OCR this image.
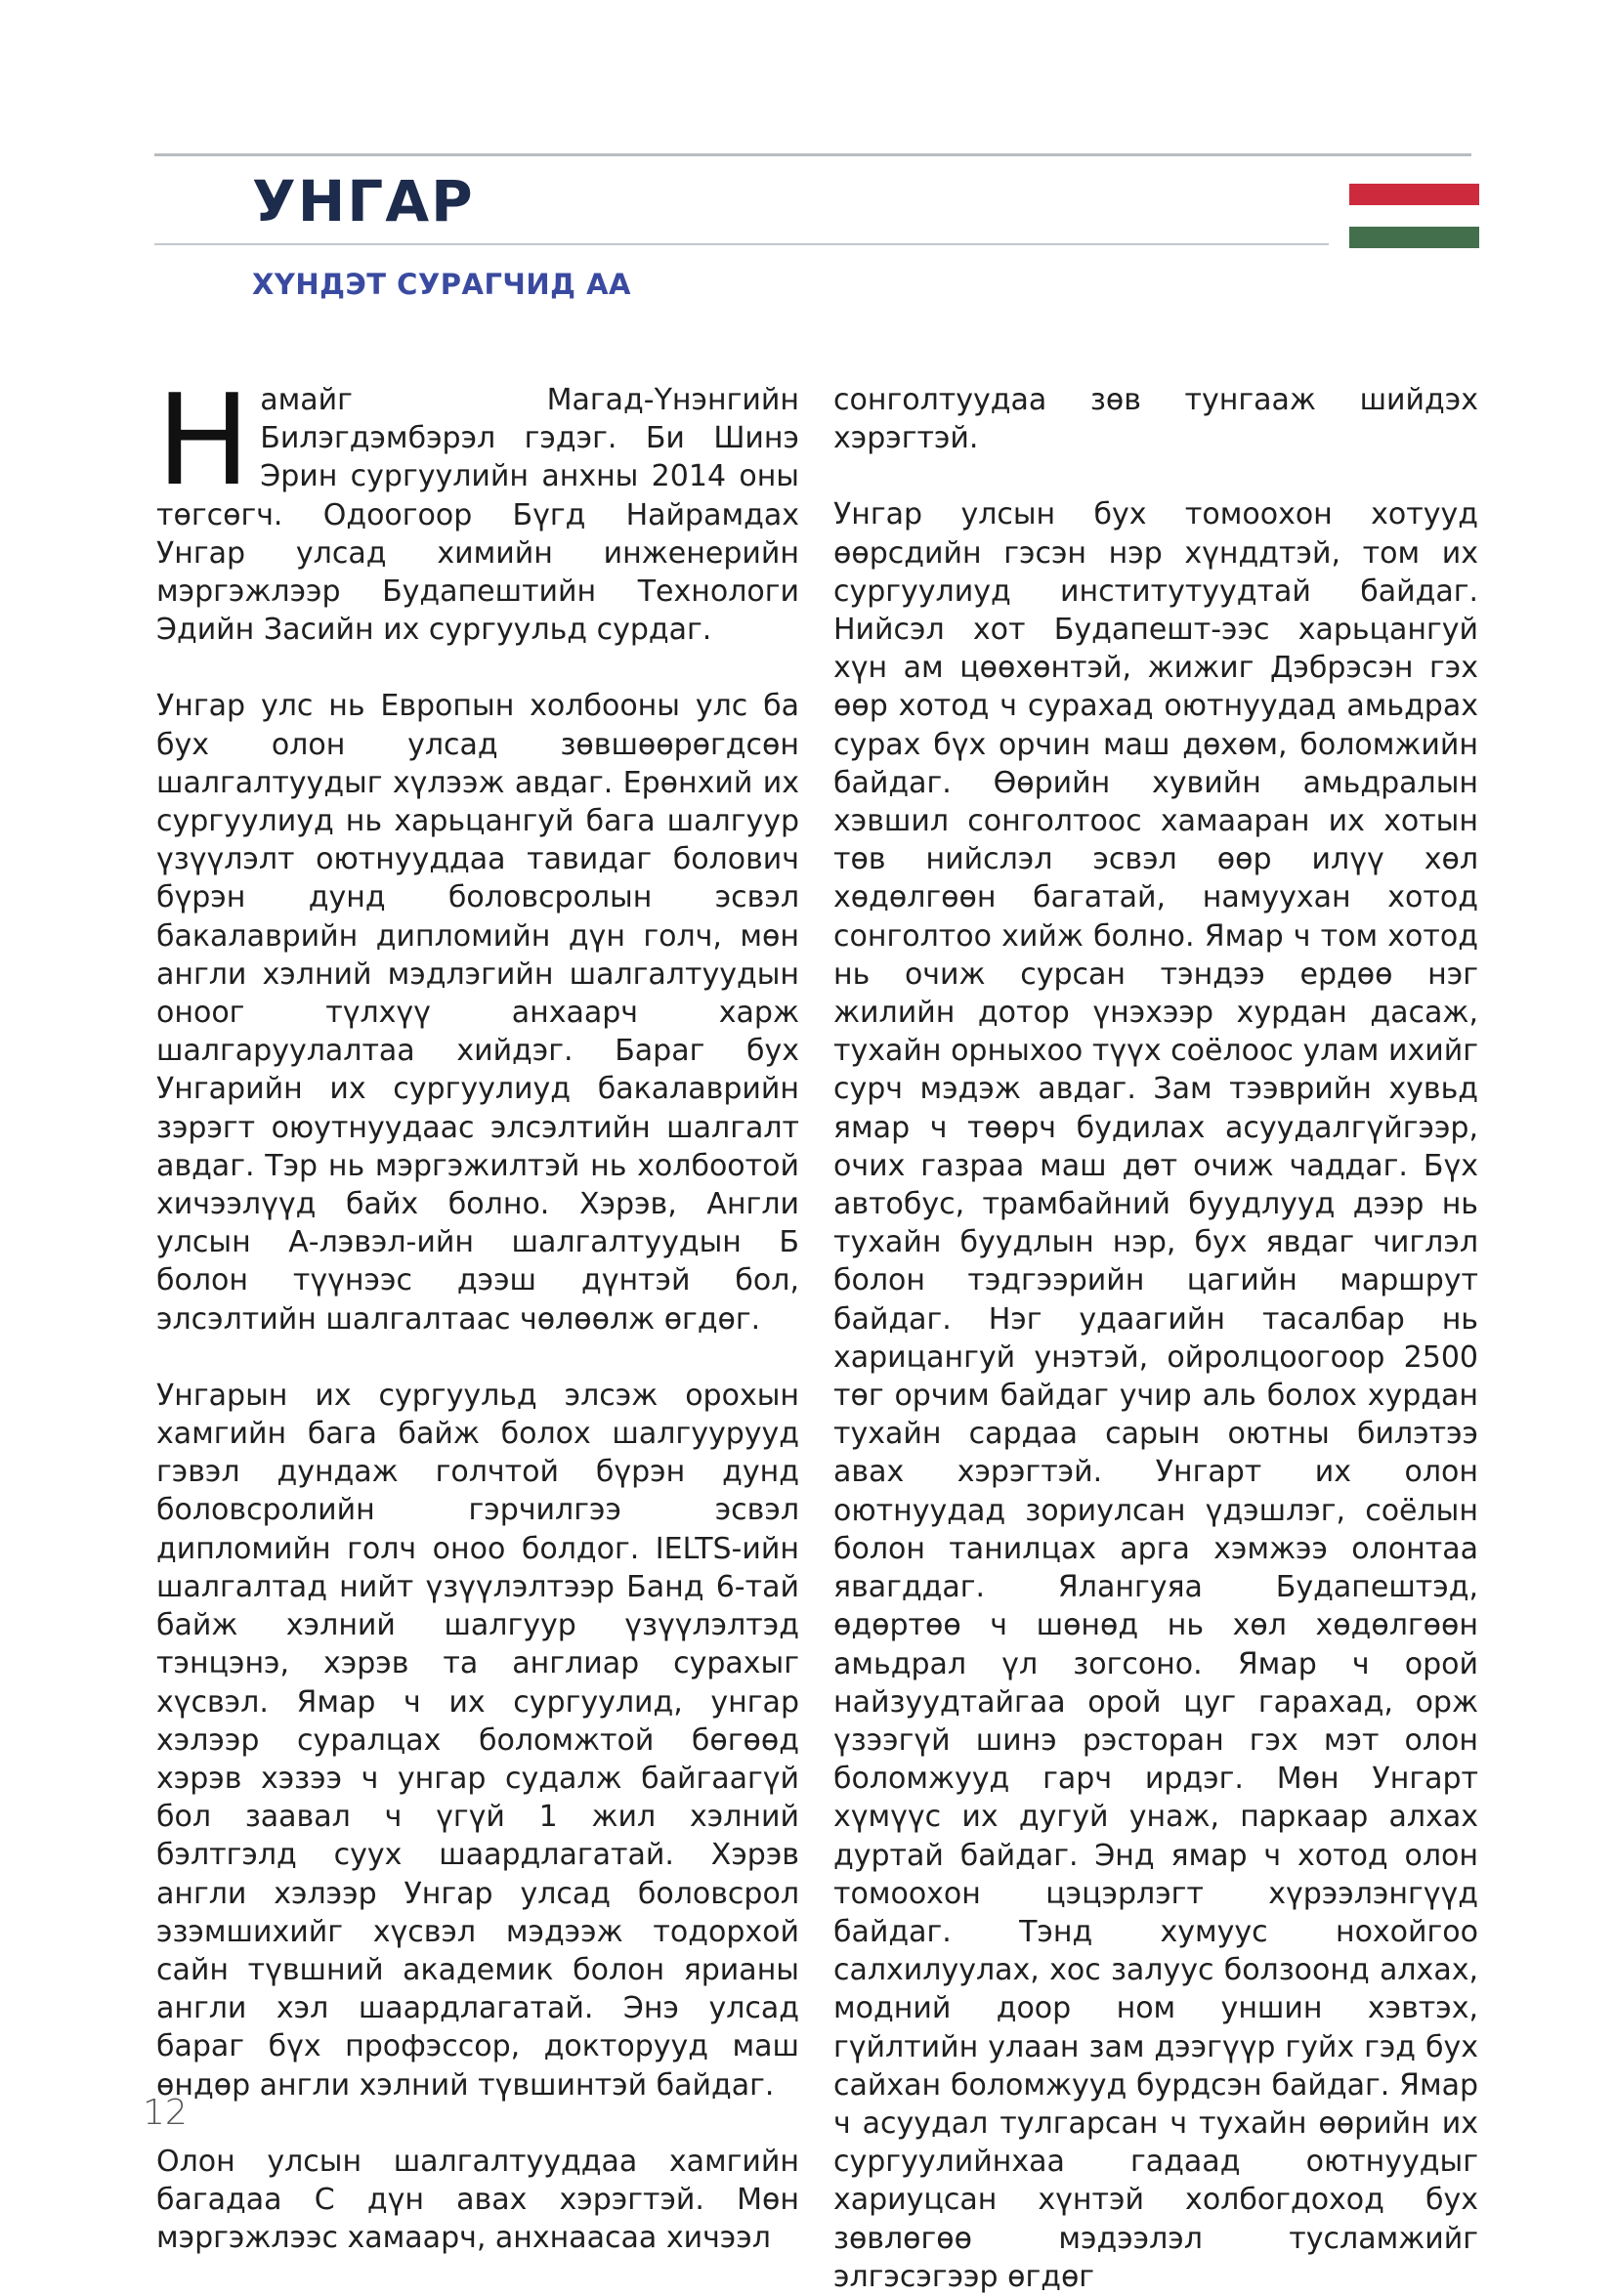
УНГАР
ХҮНДЭТ СУРАГЧИД АА

Намайг Магад-Үнэнгийн Билэгдэмбэрэл гэдэг. Би Шинэ Эрин сургуулийн анхны 2014 оны төгсөгч. Одоогоор Бүгд Найрамдах Унгар улсад химийн инженерийн мэргэжлээр Будапештийн Технологи Эдийн Засийн их сургуульд сурдаг.

Унгар улс нь Европын холбооны улс ба бух олон улсад зөвшөөрөгдсөн шалгалтуудыг хүлээж авдаг. Ерөнхий их сургуулиуд нь харьцангуй бага шалгуур үзүүлэлт оютнууддаа тавидаг болович бүрэн дунд боловсролын эсвэл бакалаврийн дипломийн дүн голч, мөн англи хэлний мэдлэгийн шалгалтуудын оноог түлхүү анхаарч харж шалгаруулалтаа хийдэг. Бараг бух Унгарийн их сургуулиуд бакалаврийн зэрэгт оюутнуудаас элсэлтийн шалгалт авдаг. Тэр нь мэргэжилтэй нь холбоотой хичээлүүд байх болно. Хэрэв, Англи улсын А-лэвэл-ийн шалгалтуудын Б болон түүнээс дээш дүнтэй бол, элсэлтийн шалгалтаас чөлөөлж өгдөг.

Унгарын их сургуульд элсэж орохын хамгийн бага байж болох шалгуурууд гэвэл дундаж голчтой бүрэн дунд боловсролийн гэрчилгээ эсвэл дипломийн голч оноо болдог. IELTS-ийн шалгалтад нийт үзүүлэлтээр Банд 6-тай байж хэлний шалгуур үзүүлэлтэд тэнцэнэ, хэрэв та англиар сурахыг хүсвэл. Ямар ч их сургуулид, унгар хэлээр суралцах боломжтой бөгөөд хэрэв хэзээ ч унгар судалж байгаагүй бол заавал ч үгүй 1 жил хэлний бэлтгэлд суух шаардлагатай. Хэрэв англи хэлээр Унгар улсад боловсрол эзэмшихийг хүсвэл мэдээж тодорхой сайн түвшний академик болон ярианы англи хэл шаардлагатай. Энэ улсад бараг бүх профэссор, докторууд маш өндөр англи хэлний түвшинтэй байдаг.

Олон улсын шалгалтууддаа хамгийн багадаа С дүн авах хэрэгтэй. Мөн мэргэжлээс хамаарч, анхнаасаа хичээл

сонголтуудаа зөв тунгааж шийдэх хэрэгтэй.

Унгар улсын бух томоохон хотууд өөрсдийн гэсэн нэр хүнддтэй, том их сургуулиуд институтуудтай байдаг. Нийсэл хот Будапешт-ээс харьцангуй хүн ам цөөхөнтэй, жижиг Дэбрэсэн гэх өөр хотод ч сурахад оютнуудад амьдрах сурах бүх орчин маш дөхөм, боломжийн байдаг. Өөрийн хувийн амьдралын хэвшил сонголтоос хамааран их хотын төв нийслэл эсвэл өөр илүү хөл хөдөлгөөн багатай, намуухан хотод сонголтоо хийж болно. Ямар ч том хотод нь очиж сурсан тэндээ ердөө нэг жилийн дотор үнэхээр хурдан дасаж, тухайн орныхоо түүх соёлоос улам ихийг сурч мэдэж авдаг. Зам тээврийн хувьд ямар ч төөрч будилах асуудалгүйгээр, очих газраа маш дөт очиж чаддаг. Бүх автобус, трамбайний буудлууд дээр нь тухайн буудлын нэр, бух явдаг чиглэл болон тэдгээрийн цагийн маршрут байдаг. Нэг удаагийн тасалбар нь харицангуй унэтэй, ойролцоогоор 2500 төг орчим байдаг учир аль болох хурдан тухайн сардаа сарын оютны билэтээ авах хэрэгтэй. Унгарт их олон оютнуудад зориулсан үдэшлэг, соёлын болон танилцах арга хэмжээ олонтаа явагддаг. Ялангуяа Будапештэд, өдөртөө ч шөнөд нь хөл хөдөлгөөн амьдрал үл зогсоно. Ямар ч орой найзуудтайгаа орой цуг гарахад, орж үзээгүй шинэ рэсторан гэх мэт олон боломжууд гарч ирдэг. Мөн Унгарт хүмүүс их дугуй унаж, паркаар алхах дуртай байдаг. Энд ямар ч хотод олон томоохон цэцэрлэгт хүрээлэнгүүд байдаг. Тэнд хумуус нохойгоо салхилуулах, хос залуус болзоонд алхах, модний доор ном уншин хэвтэх, гүйлтийн улаан зам дээгүүр гуйх гэд бух сайхан боломжууд бурдсэн байдаг. Ямар ч асуудал тулгарсан ч тухайн өөрийн их сургуулийнхаа гадаад оютнуудыг хариуцсан хүнтэй холбогдоход бух зөвлөгөө мэдээлэл тусламжийг элгэсэгээр өгдөг

12
